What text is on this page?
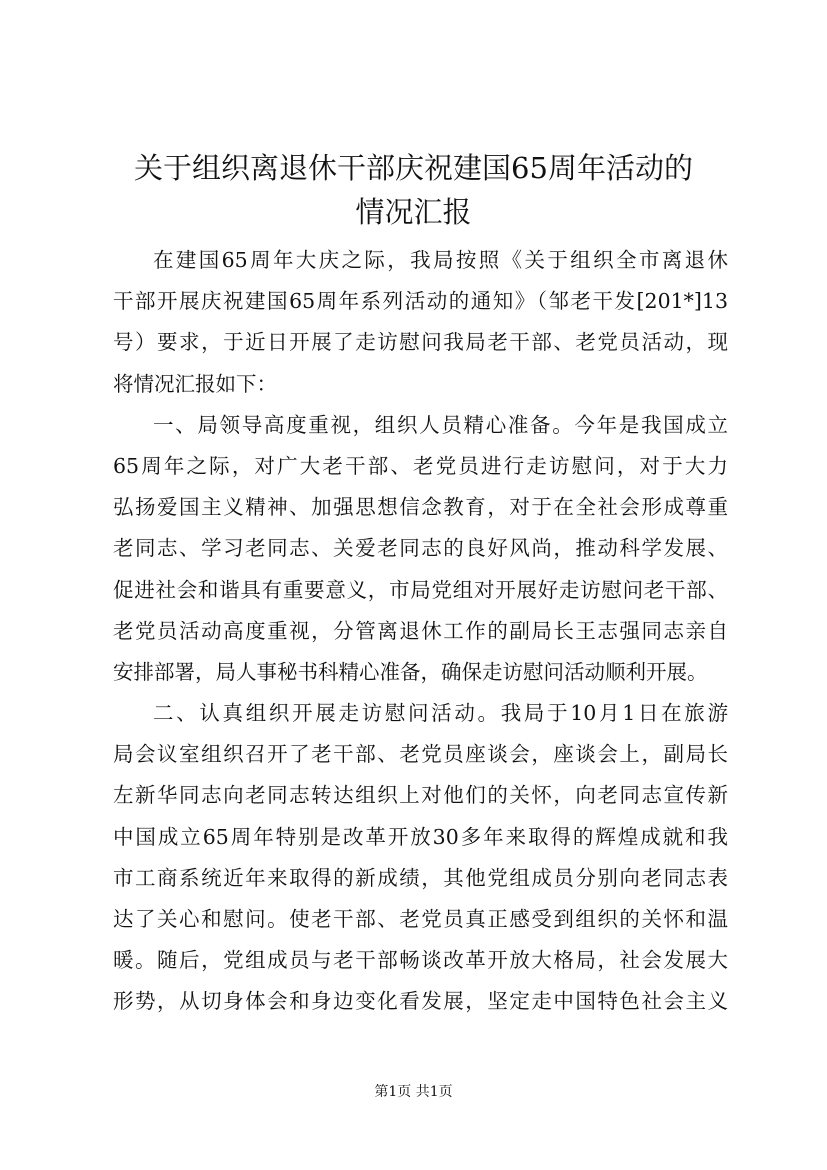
关于组织离退休干部庆祝建国65周年活动的
情况汇报
在建国65周年大庆之际，我局按照《关于组织全市离退休
干部开展庆祝建国65周年系列活动的通知》（邹老干发[201*]13
号）要求，于近日开展了走访慰问我局老干部、老党员活动，现
将情况汇报如下：
一、局领导高度重视，组织人员精心准备。今年是我国成立
65周年之际，对广大老干部、老党员进行走访慰问，对于大力
弘扬爱国主义精神、加强思想信念教育，对于在全社会形成尊重
老同志、学习老同志、关爱老同志的良好风尚，推动科学发展、
促进社会和谐具有重要意义，市局党组对开展好走访慰问老干部、
老党员活动高度重视，分管离退休工作的副局长王志强同志亲自
安排部署，局人事秘书科精心准备，确保走访慰问活动顺利开展。
二、认真组织开展走访慰问活动。我局于10月1日在旅游
局会议室组织召开了老干部、老党员座谈会，座谈会上，副局长
左新华同志向老同志转达组织上对他们的关怀，向老同志宣传新
中国成立65周年特别是改革开放30多年来取得的辉煌成就和我
市工商系统近年来取得的新成绩，其他党组成员分别向老同志表
达了关心和慰问。使老干部、老党员真正感受到组织的关怀和温
暖。随后，党组成员与老干部畅谈改革开放大格局，社会发展大
形势，从切身体会和身边变化看发展，坚定走中国特色社会主义
第1页 共1页
